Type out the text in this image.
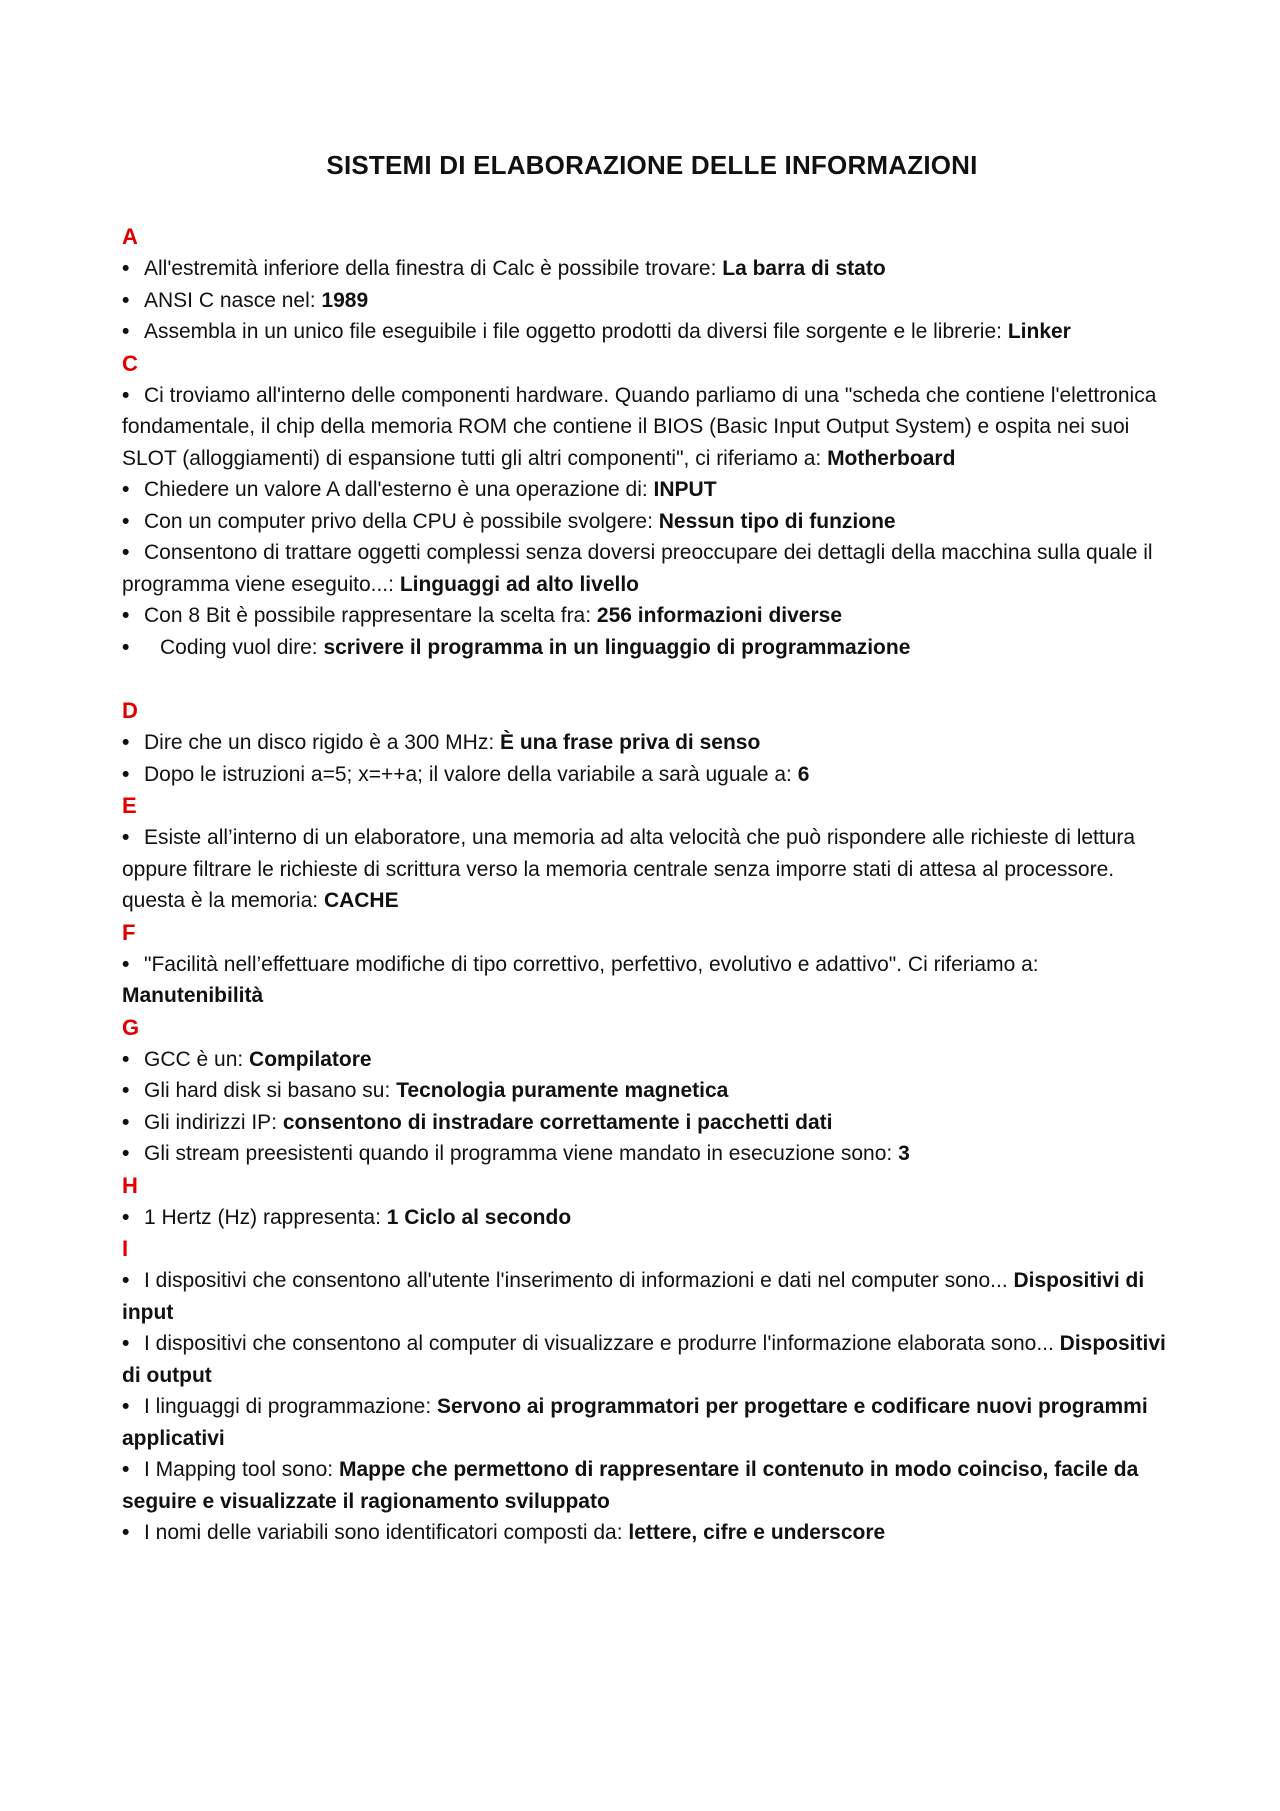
SISTEMI DI ELABORAZIONE DELLE INFORMAZIONI

A

• All'estremità inferiore della finestra di Calc è possibile trovare: La barra di stato

• ANSI C nasce nel: 1989

• Assembla in un unico file eseguibile i file oggetto prodotti da diversi file sorgente e le librerie: Linker

C

• Ci troviamo all'interno delle componenti hardware. Quando parliamo di una "scheda che contiene l'elettronica fondamentale, il chip della memoria ROM che contiene il BIOS (Basic Input Output System) e ospita nei suoi SLOT (alloggiamenti) di espansione tutti gli altri componenti", ci riferiamo a: Motherboard

• Chiedere un valore A dall'esterno è una operazione di: INPUT

• Con un computer privo della CPU è possibile svolgere: Nessun tipo di funzione

• Consentono di trattare oggetti complessi senza doversi preoccupare dei dettagli della macchina sulla quale il programma viene eseguito...: Linguaggi ad alto livello

• Con 8 Bit è possibile rappresentare la scelta fra: 256 informazioni diverse

• Coding vuol dire: scrivere il programma in un linguaggio di programmazione

D

• Dire che un disco rigido è a 300 MHz: È una frase priva di senso

• Dopo le istruzioni a=5; x=++a; il valore della variabile a sarà uguale a: 6

E

• Esiste all’interno di un elaboratore, una memoria ad alta velocità che può rispondere alle richieste di lettura oppure filtrare le richieste di scrittura verso la memoria centrale senza imporre stati di attesa al processore. questa è la memoria: CACHE

F

• "Facilità nell’effettuare modifiche di tipo correttivo, perfettivo, evolutivo e adattivo". Ci riferiamo a: Manutenibilità

G

• GCC è un: Compilatore

• Gli hard disk si basano su: Tecnologia puramente magnetica

• Gli indirizzi IP: consentono di instradare correttamente i pacchetti dati

• Gli stream preesistenti quando il programma viene mandato in esecuzione sono: 3

H

• 1 Hertz (Hz) rappresenta: 1 Ciclo al secondo

I

• I dispositivi che consentono all'utente l'inserimento di informazioni e dati nel computer sono... Dispositivi di input

• I dispositivi che consentono al computer di visualizzare e produrre l'informazione elaborata sono... Dispositivi di output

• I linguaggi di programmazione: Servono ai programmatori per progettare e codificare nuovi programmi applicativi

• I Mapping tool sono: Mappe che permettono di rappresentare il contenuto in modo coinciso, facile da seguire e visualizzate il ragionamento sviluppato

• I nomi delle variabili sono identificatori composti da: lettere, cifre e underscore
